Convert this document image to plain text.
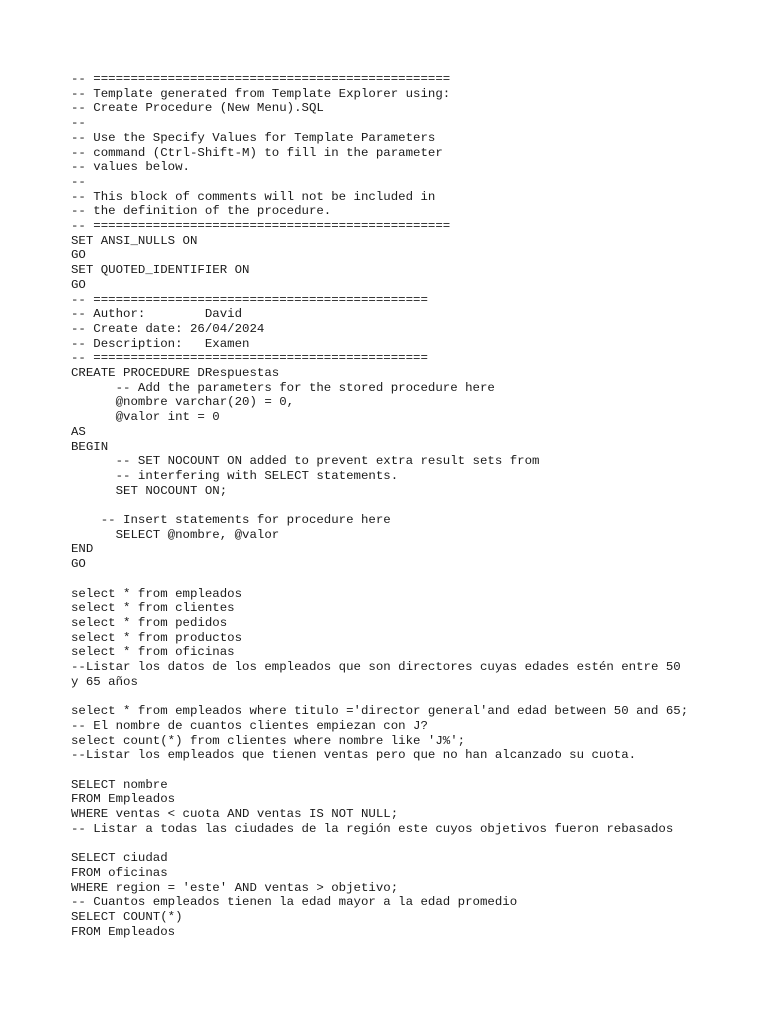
-- ================================================
-- Template generated from Template Explorer using:
-- Create Procedure (New Menu).SQL
--
-- Use the Specify Values for Template Parameters
-- command (Ctrl-Shift-M) to fill in the parameter
-- values below.
--
-- This block of comments will not be included in
-- the definition of the procedure.
-- ================================================
SET ANSI_NULLS ON
GO
SET QUOTED_IDENTIFIER ON
GO
-- =============================================
-- Author:        David
-- Create date: 26/04/2024
-- Description:   Examen
-- =============================================
CREATE PROCEDURE DRespuestas
-- Add the parameters for the stored procedure here
@nombre varchar(20) = 0,
@valor int = 0
AS
BEGIN
-- SET NOCOUNT ON added to prevent extra result sets from
-- interfering with SELECT statements.
SET NOCOUNT ON;
-- Insert statements for procedure here
SELECT @nombre, @valor
END
GO
select * from empleados
select * from clientes
select * from pedidos
select * from productos
select * from oficinas
--Listar los datos de los empleados que son directores cuyas edades estén entre 50
y 65 años
select * from empleados where titulo ='director general'and edad between 50 and 65;
-- El nombre de cuantos clientes empiezan con J?
select count(*) from clientes where nombre like 'J%';
--Listar los empleados que tienen ventas pero que no han alcanzado su cuota.
SELECT nombre
FROM Empleados
WHERE ventas < cuota AND ventas IS NOT NULL;
-- Listar a todas las ciudades de la región este cuyos objetivos fueron rebasados
SELECT ciudad
FROM oficinas
WHERE region = 'este' AND ventas > objetivo;
-- Cuantos empleados tienen la edad mayor a la edad promedio
SELECT COUNT(*)
FROM Empleados
